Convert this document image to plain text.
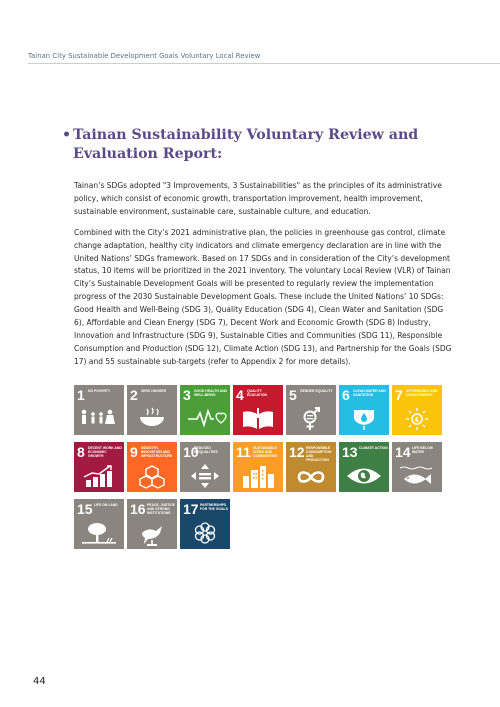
Tainan City Sustainable Development Goals Voluntary Local Review
• Tainan Sustainability Voluntary Review and Evaluation Report:

Tainan’s SDGs adopted "3 Improvements, 3 Sustainabilities" as the principles of its administrative policy, which consist of economic growth, transportation improvement, health improvement, sustainable environment, sustainable care, sustainable culture, and education.

Combined with the City’s 2021 administrative plan, the policies in greenhouse gas control, climate change adaptation, healthy city indicators and climate emergency declaration are in line with the United Nations’ SDGs framework. Based on 17 SDGs and in consideration of the City’s development status, 10 items will be prioritized in the 2021 inventory. The voluntary Local Review (VLR) of Tainan City’s Sustainable Development Goals will be presented to regularly review the implementation progress of the 2030 Sustainable Development Goals. These include the United Nations’ 10 SDGs: Good Health and Well-Being (SDG 3), Quality Education (SDG 4), Clean Water and Sanitation (SDG 6), Affordable and Clean Energy (SDG 7), Decent Work and Economic Growth (SDG 8) Industry, Innovation and Infrastructure (SDG 9), Sustainable Cities and Communities (SDG 11), Responsible Consumption and Production (SDG 12), Climate Action (SDG 13), and Partnership for the Goals (SDG 17) and 55 sustainable sub-targets (refer to Appendix 2 for more details).

1 NO POVERTY	2 ZERO HUNGER	3 GOOD HEALTH AND WELL-BEING	4 QUALITY EDUCATION	5 GENDER EQUALITY 6 CLEAN WATER AND SANITATION	7 AFFORDABLE AND CLEAN ENERGY
8 DECENT WORK AND ECONOMIC GROWTH	9 INDUSTRY, INNOVATION AND INFRASTRUCTURE 10
REDUCED INEQUALITIES	11 SUSTAINABLE CITIES AND COMMUNITIES 12 RESPONSIBLE CONSUMPTION AND PRODUCTION 13 CLIMATE ACTION 14 LIFE BELOW WATER
15 LIFE ON LAND 16 PEACE, JUSTICE AND STRONG INSTITUTIONS 17 PARTNERSHIPS FOR THE GOALS
44
